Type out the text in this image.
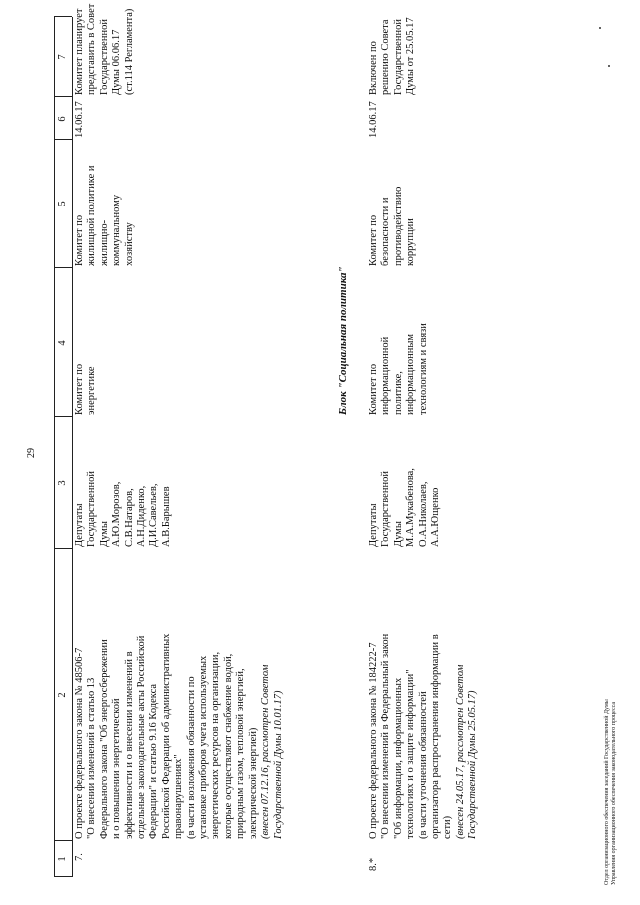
29
1
2
3
4
5
6
7
7.
О проекте федерального закона № 48506-7 "О внесении изменений в статью 13 Федерального закона "Об энергосбережении и о повышении энергетической эффективности и о внесении изменений в отдельные законодательные акты Российской Федерации" и статью 9.16 Кодекса Российской Федерации об административных правонарушениях" (в части возложения обязанности по установке приборов учета используемых энергетических ресурсов на организации, которые осуществляют снабжение водой, природным газом, тепловой энергией, электрической энергией) (внесен 07.12.16, рассмотрен Советом Государственной Думы 10.01.17)
Депутаты Государственной Думы А.Ю.Морозов, С.В.Натаров, А.Н.Диденко, Д.И.Савельев, А.В.Барышев
Комитет по энергетике
Комитет по жилищной политике и жилищно- коммунальному хозяйству
14.06.17
Комитет планирует представить в Совет Государственной Думы 06.06.17 (ст.114 Регламента)
Блок "Социальная политика"
8.*
О проекте федерального закона № 184222-7 "О внесении изменений в Федеральный закон "Об информации, информационных технологиях и о защите информации" (в части уточнения обязанностей организатора распространения информации в сети) (внесен 24.05.17, рассмотрен Советом Государственной Думы 25.05.17)
Депутаты Государственной Думы М.А.Мукабенова, О.А.Николаев, А.А.Ющенко
Комитет по информационной политике, информационным технологиям и связи
Комитет по безопасности и противодействию коррупции
14.06.17
Включен по решению Совета Государственной Думы от 25.05.17
Отдел организационного обеспечения заседаний Государственной Думы Управления организационного обеспечения законодательного процесса
